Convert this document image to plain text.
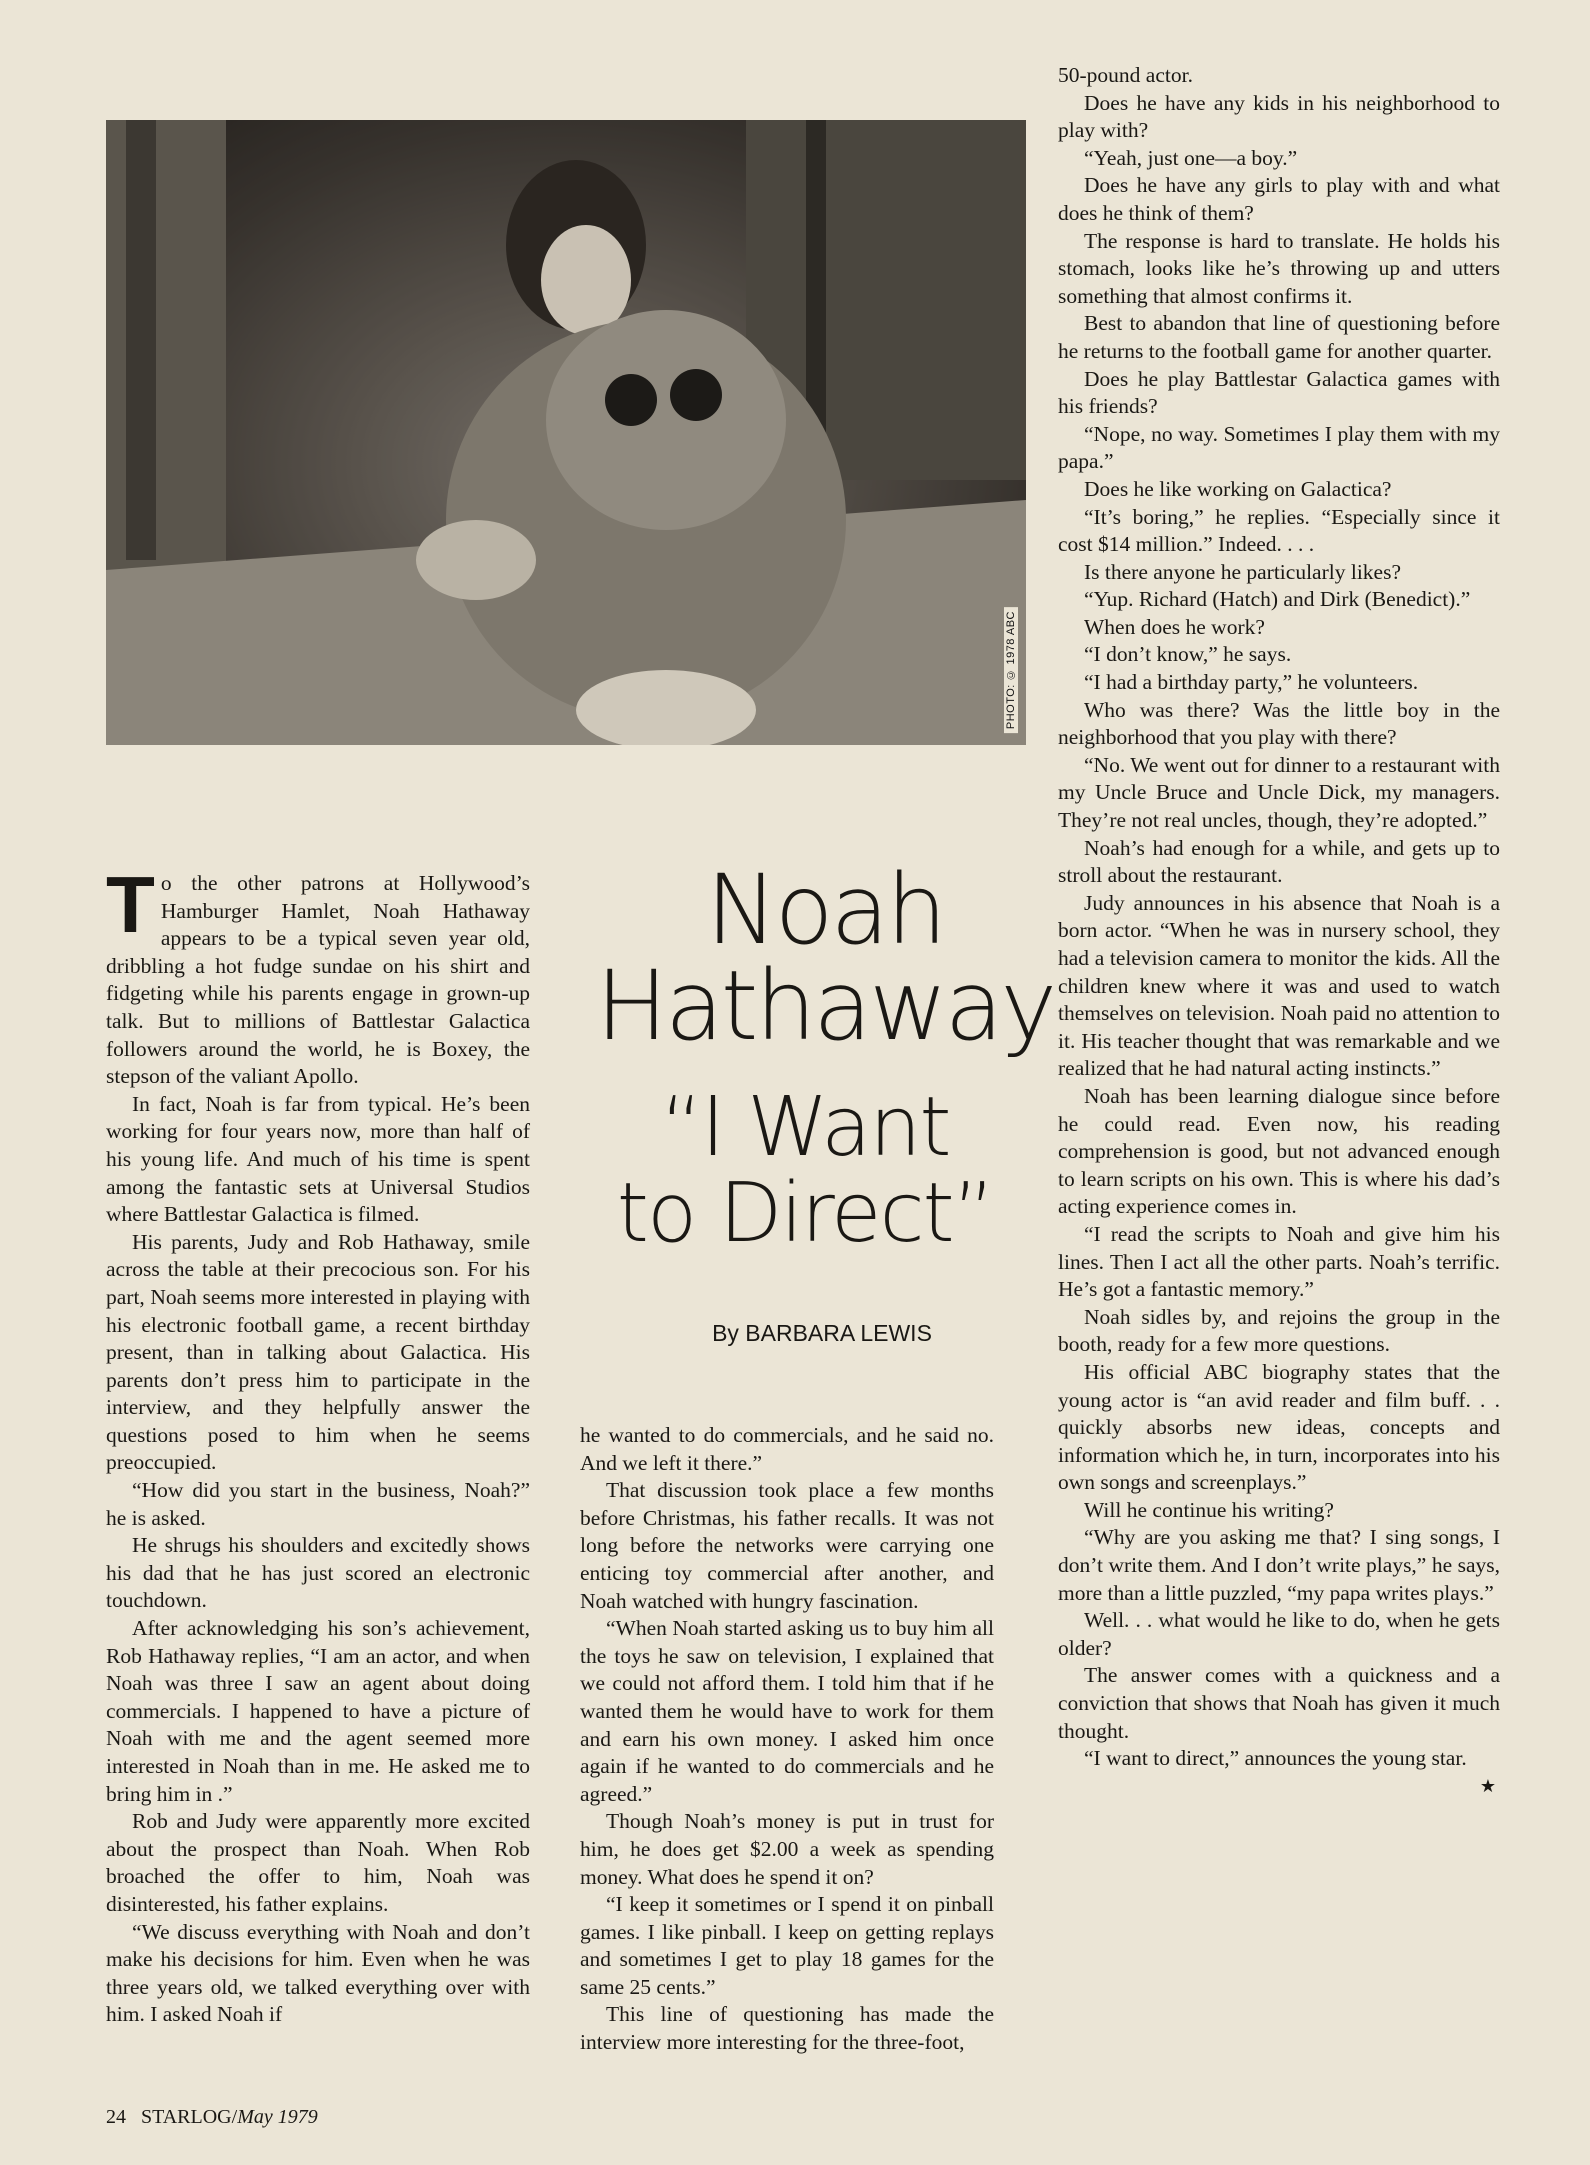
PHOTO: © 1978 ABC

To the other patrons at Hollywood’s Hamburger Hamlet, Noah Hathaway appears to be a typical seven year old, dribbling a hot fudge sundae on his shirt and fidgeting while his parents engage in grown-up talk. But to millions of Battlestar Galactica followers around the world, he is Boxey, the stepson of the valiant Apollo.

In fact, Noah is far from typical. He’s been working for four years now, more than half of his young life. And much of his time is spent among the fantastic sets at Universal Studios where Battlestar Galactica is filmed.

His parents, Judy and Rob Hathaway, smile across the table at their precocious son. For his part, Noah seems more interested in playing with his electronic football game, a recent birthday present, than in talking about Galactica. His parents don’t press him to participate in the interview, and they helpfully answer the questions posed to him when he seems preoccupied.

“How did you start in the business, Noah?” he is asked.

He shrugs his shoulders and excitedly shows his dad that he has just scored an electronic touchdown.

After acknowledging his son’s achievement, Rob Hathaway replies, “I am an actor, and when Noah was three I saw an agent about doing commercials. I happened to have a picture of Noah with me and the agent seemed more interested in Noah than in me. He asked me to bring him in .”

Rob and Judy were apparently more excited about the prospect than Noah. When Rob broached the offer to him, Noah was disinterested, his father explains.

“We discuss everything with Noah and don’t make his decisions for him. Even when he was three years old, we talked everything over with him. I asked Noah if

Noah
Hathaway
“I Want
to Direct”
By BARBARA LEWIS

he wanted to do commercials, and he said no. And we left it there.”

That discussion took place a few months before Christmas, his father recalls. It was not long before the networks were carrying one enticing toy commercial after another, and Noah watched with hungry fascination.

“When Noah started asking us to buy him all the toys he saw on television, I explained that we could not afford them. I told him that if he wanted them he would have to work for them and earn his own money. I asked him once again if he wanted to do commercials and he agreed.”

Though Noah’s money is put in trust for him, he does get $2.00 a week as spending money. What does he spend it on?

“I keep it sometimes or I spend it on pinball games. I like pinball. I keep on getting replays and sometimes I get to play 18 games for the same 25 cents.”

This line of questioning has made the interview more interesting for the three-foot,

50-pound actor.

Does he have any kids in his neighborhood to play with?

“Yeah, just one—a boy.”

Does he have any girls to play with and what does he think of them?

The response is hard to translate. He holds his stomach, looks like he’s throwing up and utters something that almost confirms it.

Best to abandon that line of questioning before he returns to the football game for another quarter.

Does he play Battlestar Galactica games with his friends?

“Nope, no way. Sometimes I play them with my papa.”

Does he like working on Galactica?

“It’s boring,” he replies. “Especially since it cost $14 million.” Indeed. . . .

Is there anyone he particularly likes?

“Yup. Richard (Hatch) and Dirk (Benedict).”

When does he work?

“I don’t know,” he says.

“I had a birthday party,” he volunteers.

Who was there? Was the little boy in the neighborhood that you play with there?

“No. We went out for dinner to a restaurant with my Uncle Bruce and Uncle Dick, my managers. They’re not real uncles, though, they’re adopted.”

Noah’s had enough for a while, and gets up to stroll about the restaurant.

Judy announces in his absence that Noah is a born actor. “When he was in nursery school, they had a television camera to monitor the kids. All the children knew where it was and used to watch themselves on television. Noah paid no attention to it. His teacher thought that was remarkable and we realized that he had natural acting instincts.”

Noah has been learning dialogue since before he could read. Even now, his reading comprehension is good, but not advanced enough to learn scripts on his own. This is where his dad’s acting experience comes in.

“I read the scripts to Noah and give him his lines. Then I act all the other parts. Noah’s terrific. He’s got a fantastic memory.”

Noah sidles by, and rejoins the group in the booth, ready for a few more questions.

His official ABC biography states that the young actor is “an avid reader and film buff. . . quickly absorbs new ideas, concepts and information which he, in turn, incorporates into his own songs and screenplays.”

Will he continue his writing?

“Why are you asking me that? I sing songs, I don’t write them. And I don’t write plays,” he says, more than a little puzzled, “my papa writes plays.”

Well. . . what would he like to do, when he gets older?

The answer comes with a quickness and a conviction that shows that Noah has given it much thought.

“I want to direct,” announces the young star.
★

24 STARLOG/May 1979
